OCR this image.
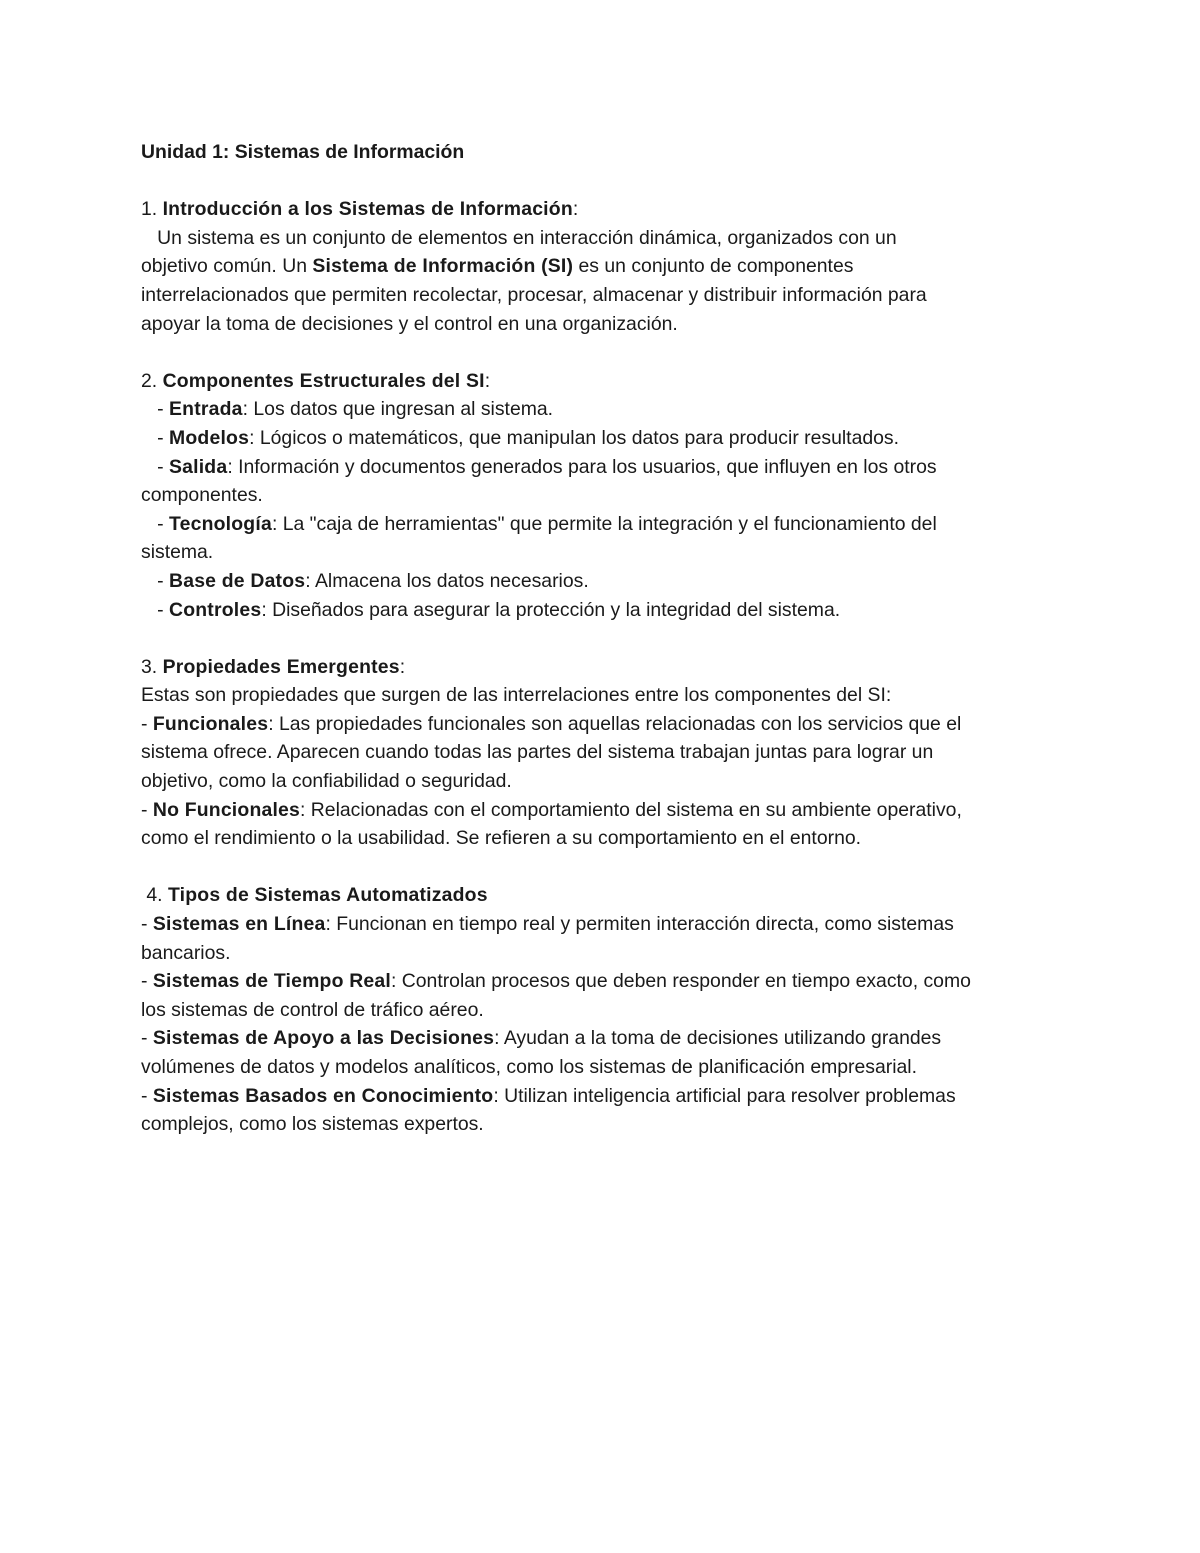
Unidad 1: Sistemas de Información
1. Introducción a los Sistemas de Información:
Un sistema es un conjunto de elementos en interacción dinámica, organizados con un
objetivo común. Un Sistema de Información (SI) es un conjunto de componentes
interrelacionados que permiten recolectar, procesar, almacenar y distribuir información para
apoyar la toma de decisiones y el control en una organización.
2. Componentes Estructurales del SI:
- Entrada: Los datos que ingresan al sistema.
- Modelos: Lógicos o matemáticos, que manipulan los datos para producir resultados.
- Salida: Información y documentos generados para los usuarios, que influyen en los otros
componentes.
- Tecnología: La "caja de herramientas" que permite la integración y el funcionamiento del
sistema.
- Base de Datos: Almacena los datos necesarios.
- Controles: Diseñados para asegurar la protección y la integridad del sistema.
3. Propiedades Emergentes:
Estas son propiedades que surgen de las interrelaciones entre los componentes del SI:
- Funcionales: Las propiedades funcionales son aquellas relacionadas con los servicios que el
sistema ofrece. Aparecen cuando todas las partes del sistema trabajan juntas para lograr un
objetivo, como la confiabilidad o seguridad.
- No Funcionales: Relacionadas con el comportamiento del sistema en su ambiente operativo,
como el rendimiento o la usabilidad. Se refieren a su comportamiento en el entorno.
4. Tipos de Sistemas Automatizados
- Sistemas en Línea: Funcionan en tiempo real y permiten interacción directa, como sistemas
bancarios.
- Sistemas de Tiempo Real: Controlan procesos que deben responder en tiempo exacto, como
los sistemas de control de tráfico aéreo.
- Sistemas de Apoyo a las Decisiones: Ayudan a la toma de decisiones utilizando grandes
volúmenes de datos y modelos analíticos, como los sistemas de planificación empresarial.
- Sistemas Basados en Conocimiento: Utilizan inteligencia artificial para resolver problemas
complejos, como los sistemas expertos.
